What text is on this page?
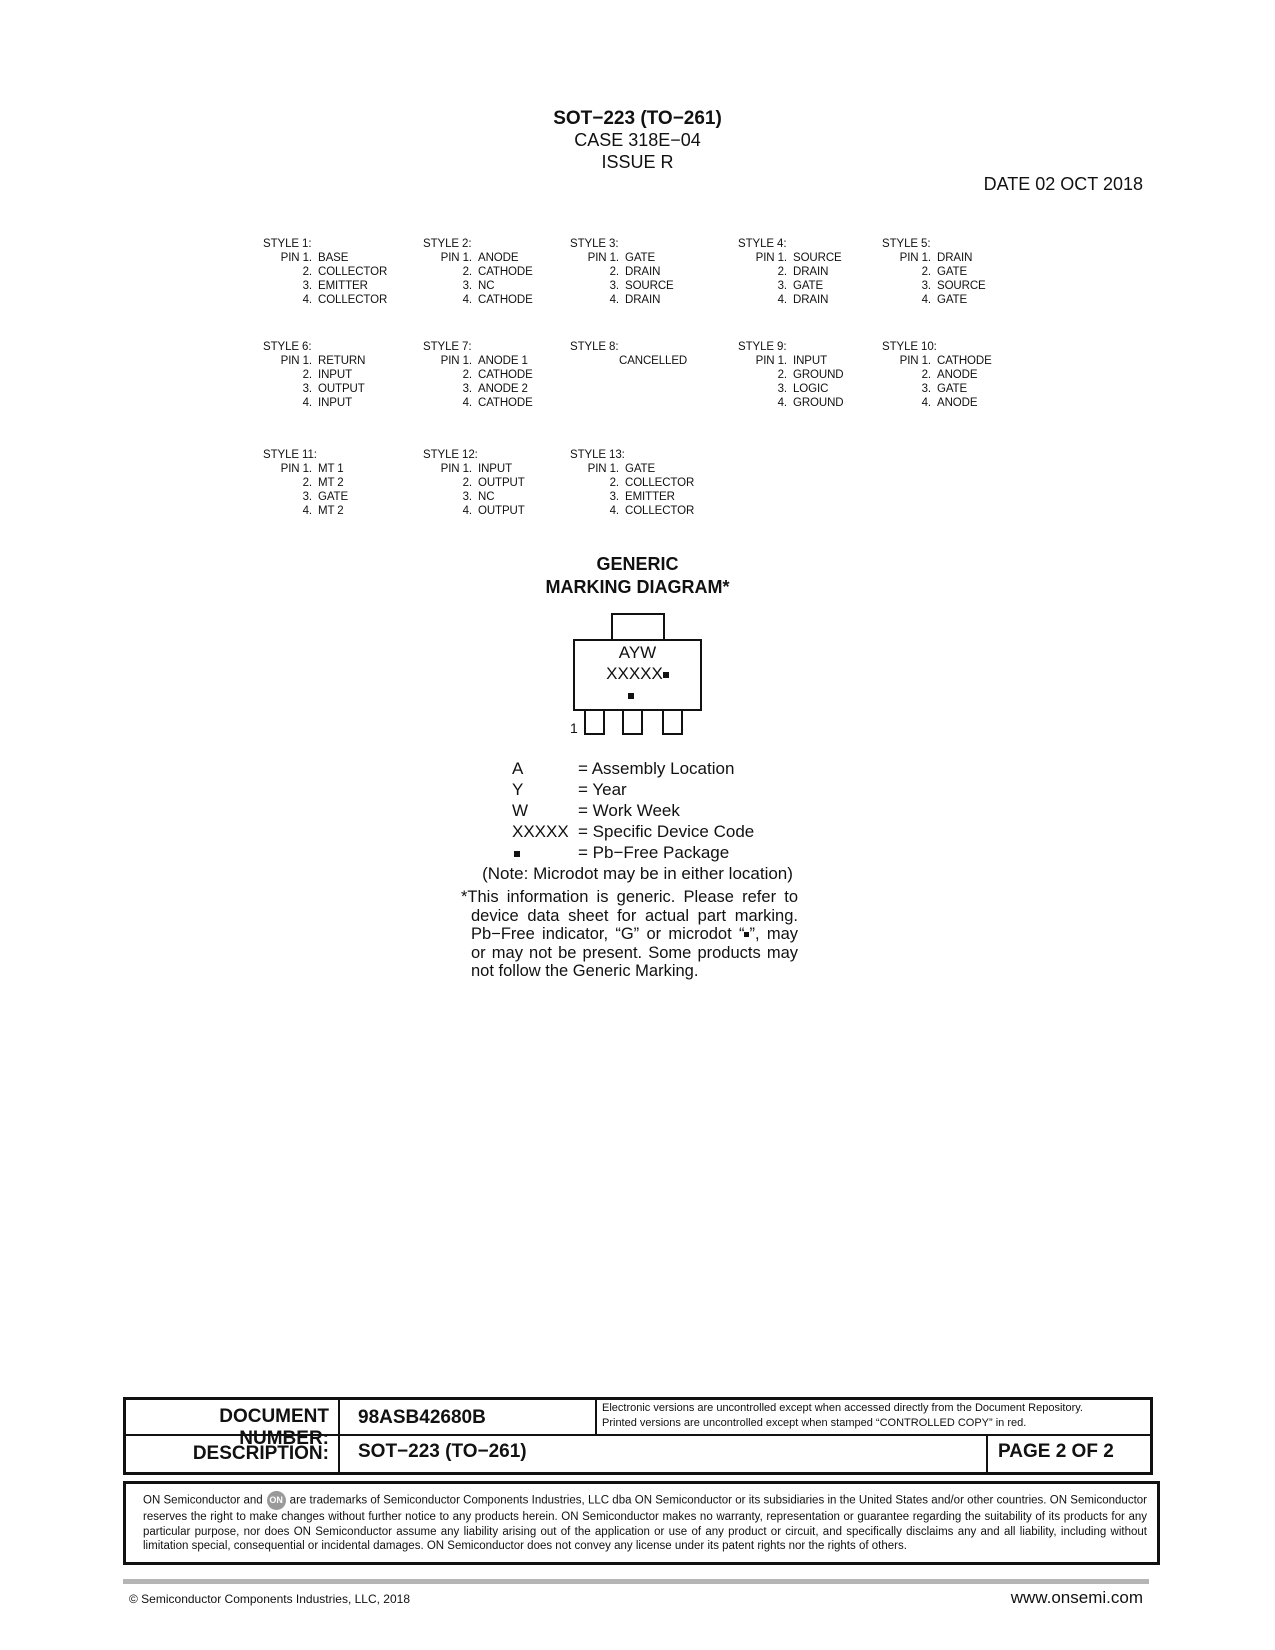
SOT−223 (TO−261)
CASE 318E−04
ISSUE R
DATE 02 OCT 2018
STYLE 1:
PIN 1. BASE
2. COLLECTOR
3. EMITTER
4. COLLECTOR
STYLE 2:
PIN 1. ANODE
2. CATHODE
3. NC
4. CATHODE
STYLE 3:
PIN 1. GATE
2. DRAIN
3. SOURCE
4. DRAIN
STYLE 4:
PIN 1. SOURCE
2. DRAIN
3. GATE
4. DRAIN
STYLE 5:
PIN 1. DRAIN
2. GATE
3. SOURCE
4. GATE
STYLE 6:
PIN 1. RETURN
2. INPUT
3. OUTPUT
4. INPUT
STYLE 7:
PIN 1. ANODE 1
2. CATHODE
3. ANODE 2
4. CATHODE
STYLE 8:
CANCELLED
STYLE 9:
PIN 1. INPUT
2. GROUND
3. LOGIC
4. GROUND
STYLE 10:
PIN 1. CATHODE
2. ANODE
3. GATE
4. ANODE
STYLE 11:
PIN 1. MT 1
2. MT 2
3. GATE
4. MT 2
STYLE 12:
PIN 1. INPUT
2. OUTPUT
3. NC
4. OUTPUT
STYLE 13:
PIN 1. GATE
2. COLLECTOR
3. EMITTER
4. COLLECTOR
GENERIC
MARKING DIAGRAM*
AYW
XXXXX
1
A	= Assembly Location
Y	= Year
W	= Work Week
XXXXX = Specific Device Code
= Pb−Free Package
(Note: Microdot may be in either location)
*This information is generic. Please refer to device data sheet for actual part marking. Pb−Free indicator, “G” or microdot “ ”, may or may not be present. Some products may not follow the Generic Marking.
DOCUMENT NUMBER:
98ASB42680B	Electronic versions are uncontrolled except when accessed directly from the Document Repository.
Printed versions are uncontrolled except when stamped “CONTROLLED COPY” in red.
DESCRIPTION: SOT−223 (TO−261)	PAGE 2 OF 2
ON Semiconductor and ON are trademarks of Semiconductor Components Industries, LLC dba ON Semiconductor or its subsidiaries in the United States and/or other countries. ON Semiconductor reserves the right to make changes without further notice to any products herein. ON Semiconductor makes no warranty, representation or guarantee regarding the suitability of its products for any particular purpose, nor does ON Semiconductor assume any liability arising out of the application or use of any product or circuit, and specifically disclaims any and all liability, including without limitation special, consequential or incidental damages. ON Semiconductor does not convey any license under its patent rights nor the rights of others.
© Semiconductor Components Industries, LLC, 2018	www.onsemi.com
